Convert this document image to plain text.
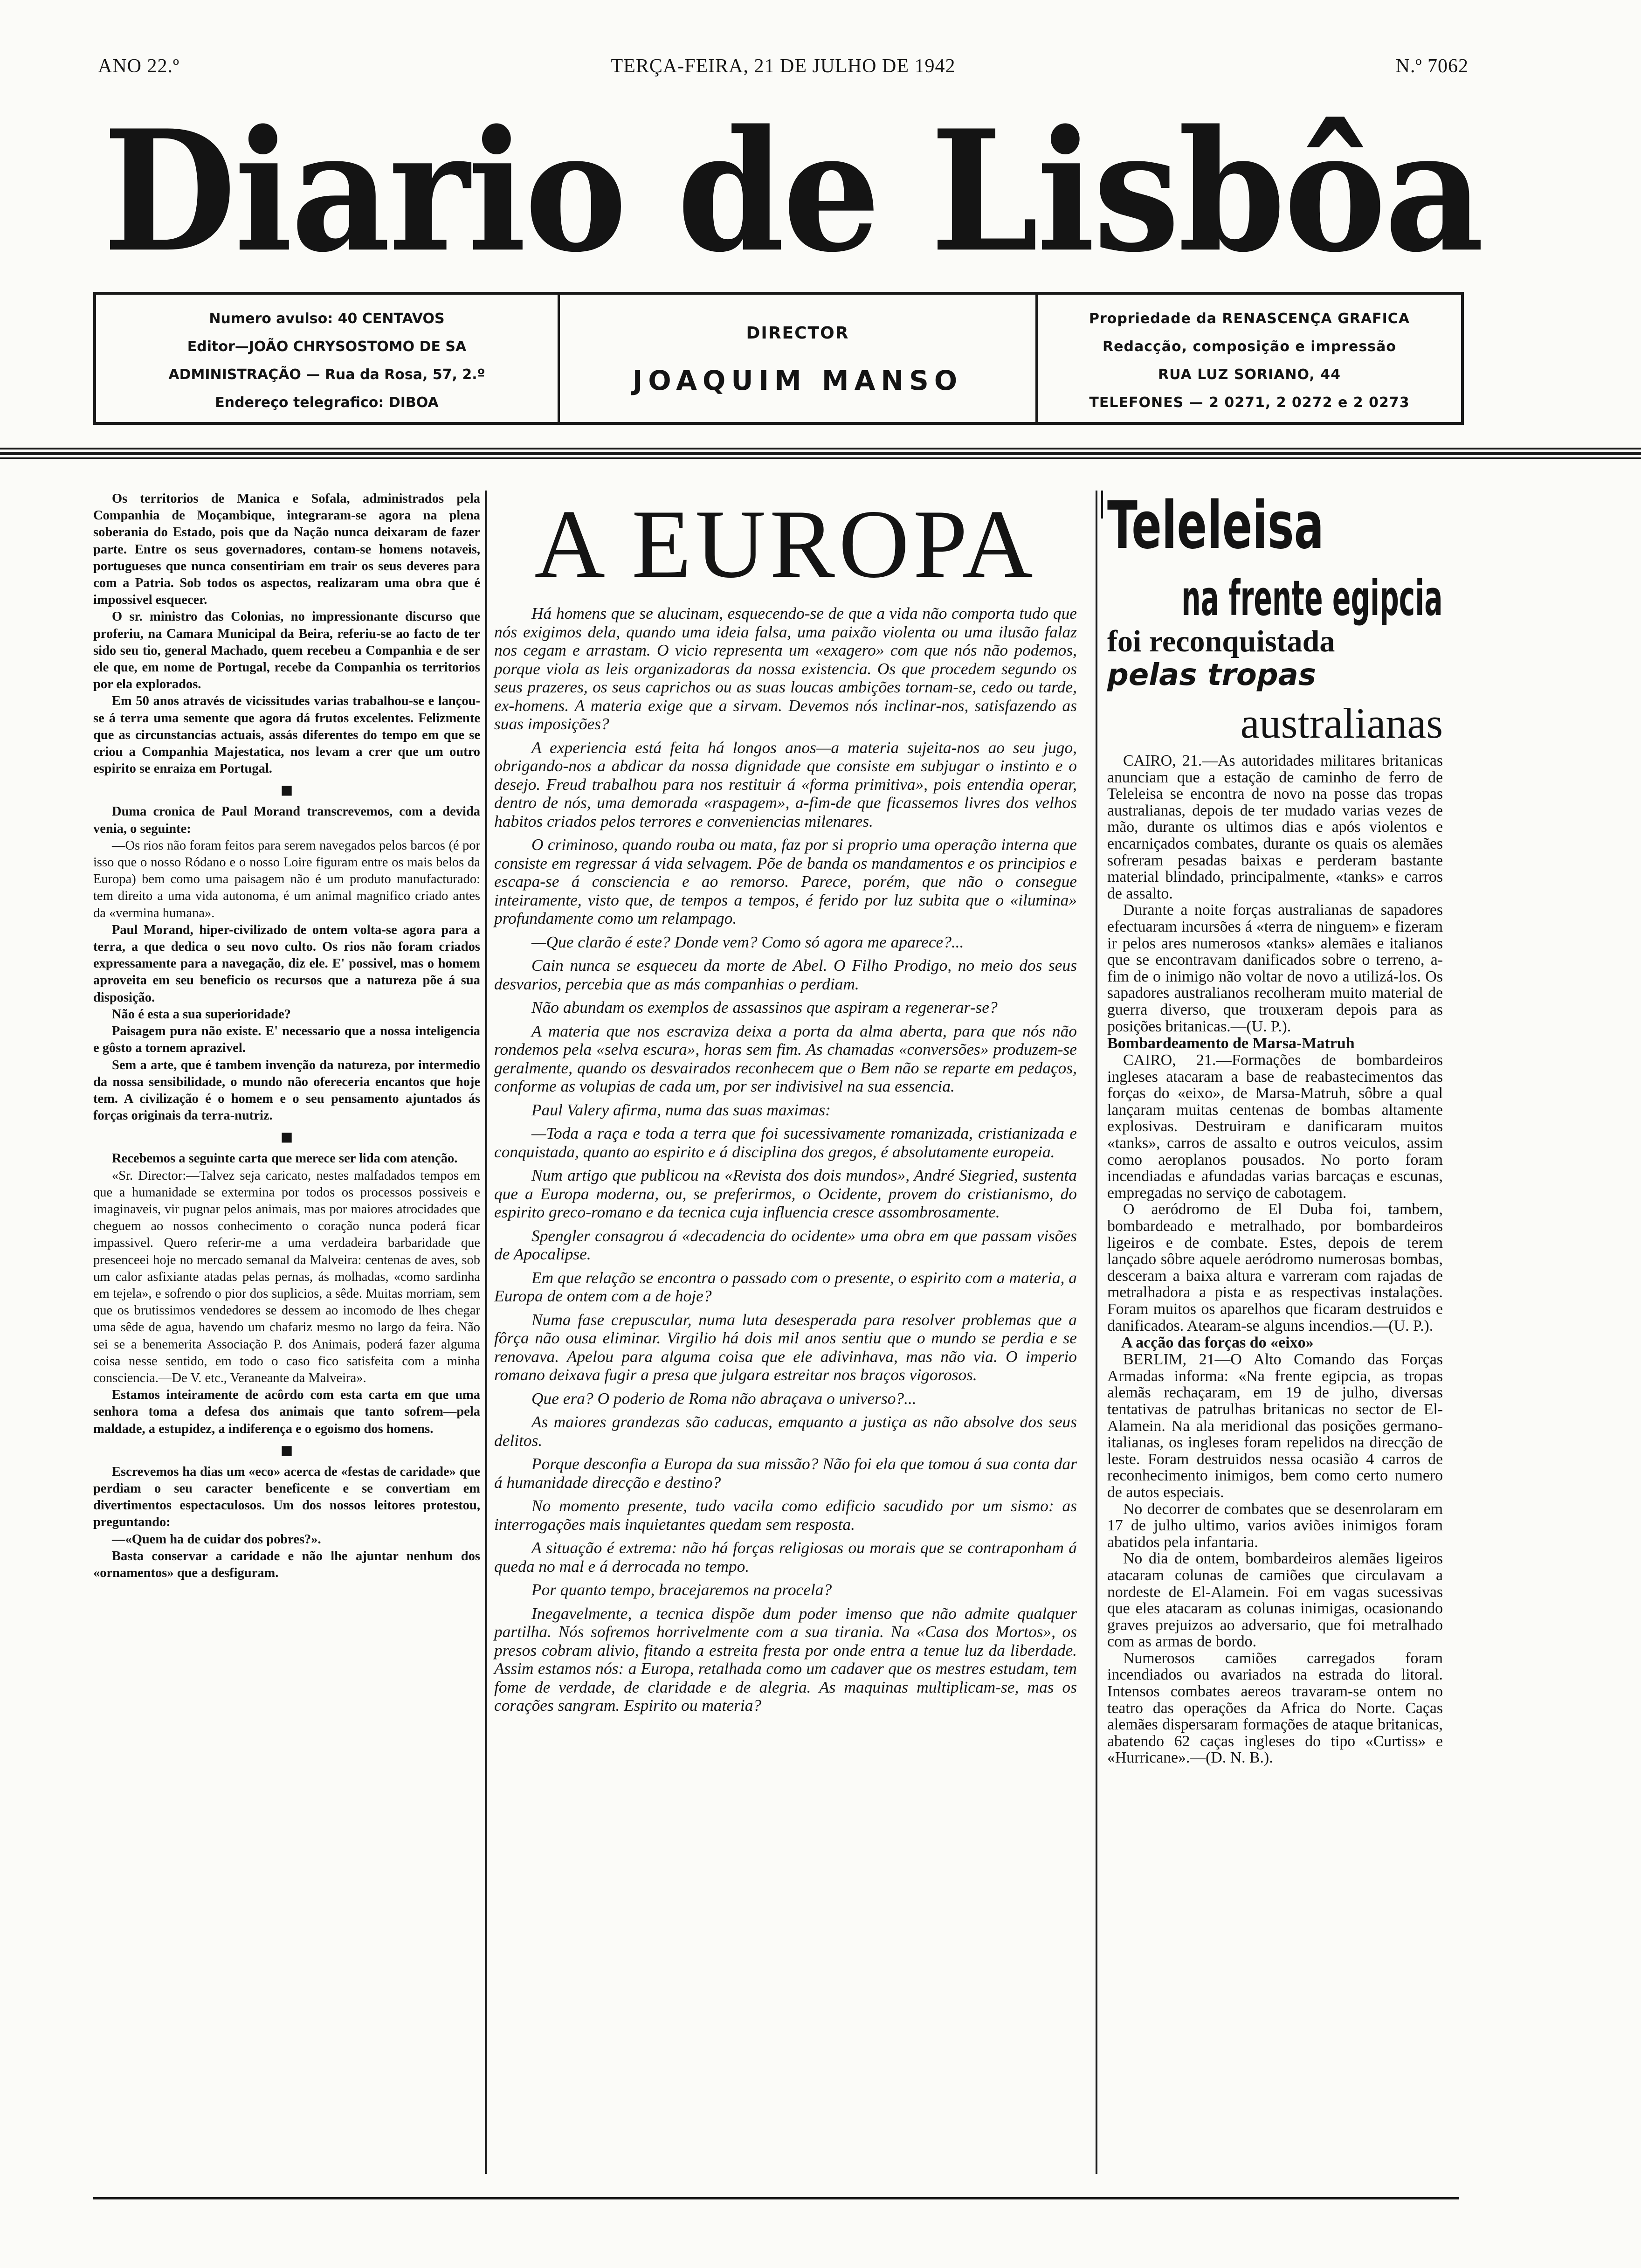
ANO 22.º	TERÇA-FEIRA, 21 DE JULHO DE 1942	N.º 7062
Diario de Lisbôa
Numero avulso: 40 CENTAVOS
Editor—JOÃO CHRYSOSTOMO DE SA
ADMINISTRAÇÃO — Rua da Rosa, 57, 2.º
Endereço telegrafico: DIBOA
DIRECTOR
JOAQUIM MANSO
Propriedade da RENASCENÇA GRAFICA
Redacção, composição e impressão
RUA LUZ SORIANO, 44
TELEFONES — 2 0271, 2 0272 e 2 0273

Os territorios de Manica e Sofala, administrados pela Companhia de Moçambique, integraram-se agora na plena soberania do Estado, pois que da Nação nunca deixaram de fazer parte. Entre os seus governadores, contam-se homens notaveis, portugueses que nunca consentiriam em trair os seus deveres para com a Patria. Sob todos os aspectos, realizaram uma obra que é impossivel esquecer.

O sr. ministro das Colonias, no impressionante discurso que proferiu, na Camara Municipal da Beira, referiu-se ao facto de ter sido seu tio, general Machado, quem recebeu a Companhia e de ser ele que, em nome de Portugal, recebe da Companhia os territorios por ela explorados.

Em 50 anos através de vicissitudes varias trabalhou-se e lançou-se á terra uma semente que agora dá frutos excelentes. Felizmente que as circunstancias actuais, assás diferentes do tempo em que se criou a Companhia Majestatica, nos levam a crer que um outro espirito se enraiza em Portugal.

■

Duma cronica de Paul Morand transcrevemos, com a devida venia, o seguinte:

—Os rios não foram feitos para serem navegados pelos barcos (é por isso que o nosso Ródano e o nosso Loire figuram entre os mais belos da Europa) bem como uma paisagem não é um produto manufacturado: tem direito a uma vida autonoma, é um animal magnifico criado antes da «vermina humana».

Paul Morand, hiper-civilizado de ontem volta-se agora para a terra, a que dedica o seu novo culto. Os rios não foram criados expressamente para a navegação, diz ele. E' possivel, mas o homem aproveita em seu beneficio os recursos que a natureza põe á sua disposição.

Não é esta a sua superioridade?

Paisagem pura não existe. E' necessario que a nossa inteligencia e gôsto a tornem aprazivel.

Sem a arte, que é tambem invenção da natureza, por intermedio da nossa sensibilidade, o mundo não ofereceria encantos que hoje tem. A civilização é o homem e o seu pensamento ajuntados ás forças originais da terra-nutriz.

■

Recebemos a seguinte carta que merece ser lida com atenção.

«Sr. Director:—Talvez seja caricato, nestes malfadados tempos em que a humanidade se extermina por todos os processos possiveis e imaginaveis, vir pugnar pelos animais, mas por maiores atrocidades que cheguem ao nossos conhecimento o coração nunca poderá ficar impassivel. Quero referir-me a uma verdadeira barbaridade que presenceei hoje no mercado semanal da Malveira: centenas de aves, sob um calor asfixiante atadas pelas pernas, ás molhadas, «como sardinha em tejela», e sofrendo o pior dos suplicios, a sêde. Muitas morriam, sem que os brutissimos vendedores se dessem ao incomodo de lhes chegar uma sêde de agua, havendo um chafariz mesmo no largo da feira. Não sei se a benemerita Associação P. dos Animais, poderá fazer alguma coisa nesse sentido, em todo o caso fico satisfeita com a minha consciencia.—De V. etc., Veraneante da Malveira».

Estamos inteiramente de acôrdo com esta carta em que uma senhora toma a defesa dos animais que tanto sofrem—pela maldade, a estupidez, a indiferença e o egoismo dos homens.

■

Escrevemos ha dias um «eco» acerca de «festas de caridade» que perdiam o seu caracter beneficente e se convertiam em divertimentos espectaculosos. Um dos nossos leitores protestou, preguntando:

—«Quem ha de cuidar dos pobres?».

Basta conservar a caridade e não lhe ajuntar nenhum dos «ornamentos» que a desfiguram.

A EUROPA

Há homens que se alucinam, esquecendo-se de que a vida não comporta tudo que nós exigimos dela, quando uma ideia falsa, uma paixão violenta ou uma ilusão falaz nos cegam e arrastam. O vicio representa um «exagero» com que nós não podemos, porque viola as leis organizadoras da nossa existencia. Os que procedem segundo os seus prazeres, os seus caprichos ou as suas loucas ambições tornam-se, cedo ou tarde, ex-homens. A materia exige que a sirvam. Devemos nós inclinar-nos, satisfazendo as suas imposições?

A experiencia está feita há longos anos—a materia sujeita-nos ao seu jugo, obrigando-nos a abdicar da nossa dignidade que consiste em subjugar o instinto e o desejo. Freud trabalhou para nos restituir á «forma primitiva», pois entendia operar, dentro de nós, uma demorada «raspagem», a-fim-de que ficassemos livres dos velhos habitos criados pelos terrores e conveniencias milenares.

O criminoso, quando rouba ou mata, faz por si proprio uma operação interna que consiste em regressar á vida selvagem. Põe de banda os mandamentos e os principios e escapa-se á consciencia e ao remorso. Parece, porém, que não o consegue inteiramente, visto que, de tempos a tempos, é ferido por luz subita que o «ilumina» profundamente como um relampago.

—Que clarão é este? Donde vem? Como só agora me aparece?...

Cain nunca se esqueceu da morte de Abel. O Filho Prodigo, no meio dos seus desvarios, percebia que as más companhias o perdiam.

Não abundam os exemplos de assassinos que aspiram a regenerar-se?

A materia que nos escraviza deixa a porta da alma aberta, para que nós não rondemos pela «selva escura», horas sem fim. As chamadas «conversões» produzem-se geralmente, quando os desvairados reconhecem que o Bem não se reparte em pedaços, conforme as volupias de cada um, por ser indivisivel na sua essencia.

Paul Valery afirma, numa das suas maximas:

—Toda a raça e toda a terra que foi sucessivamente romanizada, cristianizada e conquistada, quanto ao espirito e á disciplina dos gregos, é absolutamente europeia.

Num artigo que publicou na «Revista dos dois mundos», André Siegried, sustenta que a Europa moderna, ou, se preferirmos, o Ocidente, provem do cristianismo, do espirito greco-romano e da tecnica cuja influencia cresce assombrosamente.

Spengler consagrou á «decadencia do ocidente» uma obra em que passam visões de Apocalipse.

Em que relação se encontra o passado com o presente, o espirito com a materia, a Europa de ontem com a de hoje?

Numa fase crepuscular, numa luta desesperada para resolver problemas que a fôrça não ousa eliminar. Virgilio há dois mil anos sentiu que o mundo se perdia e se renovava. Apelou para alguma coisa que ele adivinhava, mas não via. O imperio romano deixava fugir a presa que julgara estreitar nos braços vigorosos.

Que era? O poderio de Roma não abraçava o universo?...

As maiores grandezas são caducas, emquanto a justiça as não absolve dos seus delitos.

Porque desconfia a Europa da sua missão? Não foi ela que tomou á sua conta dar á humanidade direcção e destino?

No momento presente, tudo vacila como edificio sacudido por um sismo: as interrogações mais inquietantes quedam sem resposta.

A situação é extrema: não há forças religiosas ou morais que se contraponham á queda no mal e á derrocada no tempo.

Por quanto tempo, bracejaremos na procela?

Inegavelmente, a tecnica dispõe dum poder imenso que não admite qualquer partilha. Nós sofremos horrivelmente com a sua tirania. Na «Casa dos Mortos», os presos cobram alivio, fitando a estreita fresta por onde entra a tenue luz da liberdade. Assim estamos nós: a Europa, retalhada como um cadaver que os mestres estudam, tem fome de verdade, de claridade e de alegria. As maquinas multiplicam-se, mas os corações sangram. Espirito ou materia?

Teleleisa
na frente egipcia
foi reconquistada
pelas tropas
australianas

CAIRO, 21.—As autoridades militares britanicas anunciam que a estação de caminho de ferro de Teleleisa se encontra de novo na posse das tropas australianas, depois de ter mudado varias vezes de mão, durante os ultimos dias e após violentos e encarniçados combates, durante os quais os alemães sofreram pesadas baixas e perderam bastante material blindado, principalmente, «tanks» e carros de assalto.

Durante a noite forças australianas de sapadores efectuaram incursões á «terra de ninguem» e fizeram ir pelos ares numerosos «tanks» alemães e italianos que se encontravam danificados sobre o terreno, a-fim de o inimigo não voltar de novo a utilizá-los. Os sapadores australianos recolheram muito material de guerra diverso, que trouxeram depois para as posições britanicas.—(U. P.).

Bombardeamento de Marsa-Matruh

CAIRO, 21.—Formações de bombardeiros ingleses atacaram a base de reabastecimentos das forças do «eixo», de Marsa-Matruh, sôbre a qual lançaram muitas centenas de bombas altamente explosivas. Destruiram e danificaram muitos «tanks», carros de assalto e outros veiculos, assim como aeroplanos pousados. No porto foram incendiadas e afundadas varias barcaças e escunas, empregadas no serviço de cabotagem.

O aeródromo de El Duba foi, tambem, bombardeado e metralhado, por bombardeiros ligeiros e de combate. Estes, depois de terem lançado sôbre aquele aeródromo numerosas bombas, desceram a baixa altura e varreram com rajadas de metralhadora a pista e as respectivas instalações. Foram muitos os aparelhos que ficaram destruidos e danificados. Atearam-se alguns incendios.—(U. P.).

A acção das forças do «eixo»

BERLIM, 21—O Alto Comando das Forças Armadas informa: «Na frente egipcia, as tropas alemãs rechaçaram, em 19 de julho, diversas tentativas de patrulhas britanicas no sector de El-Alamein. Na ala meridional das posições germano-italianas, os ingleses foram repelidos na direcção de leste. Foram destruidos nessa ocasião 4 carros de reconhecimento inimigos, bem como certo numero de autos especiais.

No decorrer de combates que se desenrolaram em 17 de julho ultimo, varios aviões inimigos foram abatidos pela infantaria.

No dia de ontem, bombardeiros alemães ligeiros atacaram colunas de camiões que circulavam a nordeste de El-Alamein. Foi em vagas sucessivas que eles atacaram as colunas inimigas, ocasionando graves prejuizos ao adversario, que foi metralhado com as armas de bordo.

Numerosos camiões carregados foram incendiados ou avariados na estrada do litoral. Intensos combates aereos travaram-se ontem no teatro das operações da Africa do Norte. Caças alemães dispersaram formações de ataque britanicas, abatendo 62 caças ingleses do tipo «Curtiss» e «Hurricane».—(D. N. B.).
